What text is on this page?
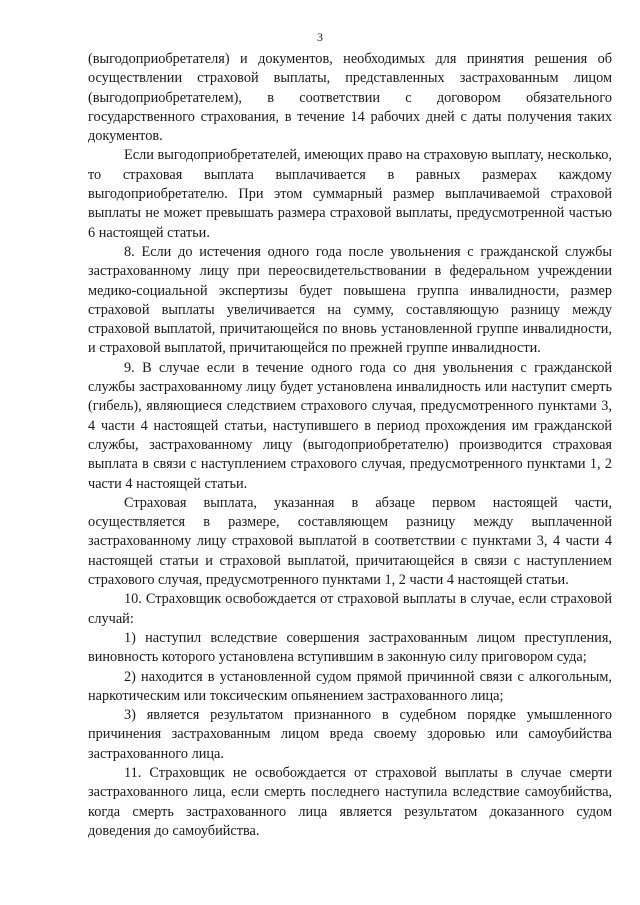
3

(выгодоприобретателя) и документов, необходимых для принятия решения об осуществлении страховой выплаты, представленных застрахованным лицом (выгодоприобретателем), в соответствии с договором обязательного государственного страхования, в течение 14 рабочих дней с даты получения таких документов.

Если выгодоприобретателей, имеющих право на страховую выплату, несколько, то страховая выплата выплачивается в равных размерах каждому выгодоприобретателю. При этом суммарный размер выплачиваемой страховой выплаты не может превышать размера страховой выплаты, предусмотренной частью 6 настоящей статьи.

8. Если до истечения одного года после увольнения с гражданской службы застрахованному лицу при переосвидетельствовании в федеральном учреждении медико-социальной экспертизы будет повышена группа инвалидности, размер страховой выплаты увеличивается на сумму, составляющую разницу между страховой выплатой, причитающейся по вновь установленной группе инвалидности, и страховой выплатой, причитающейся по прежней группе инвалидности.

9. В случае если в течение одного года со дня увольнения с гражданской службы застрахованному лицу будет установлена инвалидность или наступит смерть (гибель), являющиеся следствием страхового случая, предусмотренного пунктами 3, 4 части 4 настоящей статьи, наступившего в период прохождения им гражданской службы, застрахованному лицу (выгодоприобретателю) производится страховая выплата в связи с наступлением страхового случая, предусмотренного пунктами 1, 2 части 4 настоящей статьи.

Страховая выплата, указанная в абзаце первом настоящей части, осуществляется в размере, составляющем разницу между выплаченной застрахованному лицу страховой выплатой в соответствии с пунктами 3, 4 части 4 настоящей статьи и страховой выплатой, причитающейся в связи с наступлением страхового случая, предусмотренного пунктами 1, 2 части 4 настоящей статьи.

10. Страховщик освобождается от страховой выплаты в случае, если страховой случай:

1) наступил вследствие совершения застрахованным лицом преступления, виновность которого установлена вступившим в законную силу приговором суда;

2) находится в установленной судом прямой причинной связи с алкогольным, наркотическим или токсическим опьянением застрахованного лица;

3) является результатом признанного в судебном порядке умышленного причинения застрахованным лицом вреда своему здоровью или самоубийства застрахованного лица.

11. Страховщик не освобождается от страховой выплаты в случае смерти застрахованного лица, если смерть последнего наступила вследствие самоубийства, когда смерть застрахованного лица является результатом доказанного судом доведения до самоубийства.
